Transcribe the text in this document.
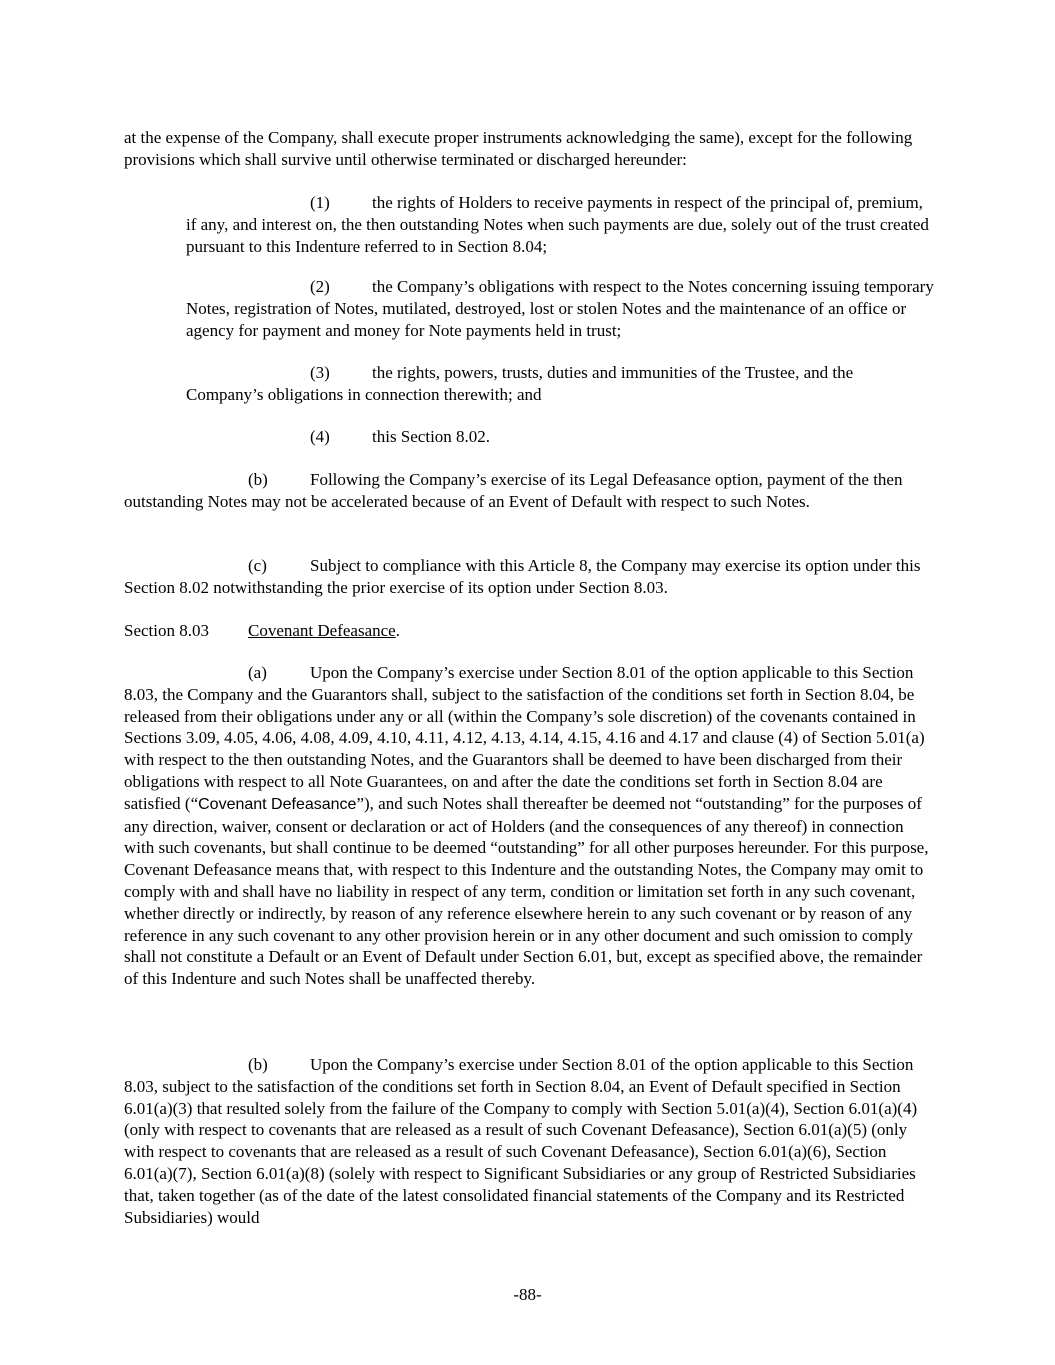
at the expense of the Company, shall execute proper instruments acknowledging the same), except for the following provisions which shall survive until otherwise terminated or discharged hereunder:

(1) the rights of Holders to receive payments in respect of the principal of, premium, if any, and interest on, the then outstanding Notes when such payments are due, solely out of the trust created pursuant to this Indenture referred to in Section 8.04;

(2) the Company’s obligations with respect to the Notes concerning issuing temporary Notes, registration of Notes, mutilated, destroyed, lost or stolen Notes and the maintenance of an office or agency for payment and money for Note payments held in trust;

(3) the rights, powers, trusts, duties and immunities of the Trustee, and the Company’s obligations in connection therewith; and

(4) this Section 8.02.

(b) Following the Company’s exercise of its Legal Defeasance option, payment of the then outstanding Notes may not be accelerated because of an Event of Default with respect to such Notes.

(c)	Subject to compliance with this Article 8, the Company may exercise its option under this Section 8.02 notwithstanding the prior exercise of its option under Section 8.03.

Section 8.03 Covenant Defeasance.

(a)	Upon the Company’s exercise under Section 8.01 of the option applicable to this Section 8.03, the Company and the Guarantors shall, subject to the satisfaction of the conditions set forth in Section 8.04, be released from their obligations under any or all (within the Company’s sole discretion) of the covenants contained in Sections 3.09, 4.05, 4.06, 4.08, 4.09, 4.10, 4.11, 4.12, 4.13, 4.14, 4.15, 4.16 and 4.17 and clause (4) of Section 5.01(a) with respect to the then outstanding Notes, and the Guarantors shall be deemed to have been discharged from their obligations with respect to all Note Guarantees, on and after the date the conditions set forth in Section 8.04 are satisfied (“Covenant Defeasance”), and such Notes shall thereafter be deemed not “outstanding” for the purposes of any direction, waiver, consent or declaration or act of Holders (and the consequences of any thereof) in connection with such covenants, but shall continue to be deemed “outstanding” for all other purposes hereunder. For this purpose, Covenant Defeasance means that, with respect to this Indenture and the outstanding Notes, the Company may omit to comply with and shall have no liability in respect of any term, condition or limitation set forth in any such covenant, whether directly or indirectly, by reason of any reference elsewhere herein to any such covenant or by reason of any reference in any such covenant to any other provision herein or in any other document and such omission to comply shall not constitute a Default or an Event of Default under Section 6.01, but, except as specified above, the remainder of this Indenture and such Notes shall be unaffected thereby.

(b) Upon the Company’s exercise under Section 8.01 of the option applicable to this Section 8.03, subject to the satisfaction of the conditions set forth in Section 8.04, an Event of Default specified in Section 6.01(a)(3) that resulted solely from the failure of the Company to comply with Section 5.01(a)(4), Section 6.01(a)(4) (only with respect to covenants that are released as a result of such Covenant Defeasance), Section 6.01(a)(5) (only with respect to covenants that are released as a result of such Covenant Defeasance), Section 6.01(a)(6), Section 6.01(a)(7), Section 6.01(a)(8) (solely with respect to Significant Subsidiaries or any group of Restricted Subsidiaries that, taken together (as of the date of the latest consolidated financial statements of the Company and its Restricted Subsidiaries) would

-88-
